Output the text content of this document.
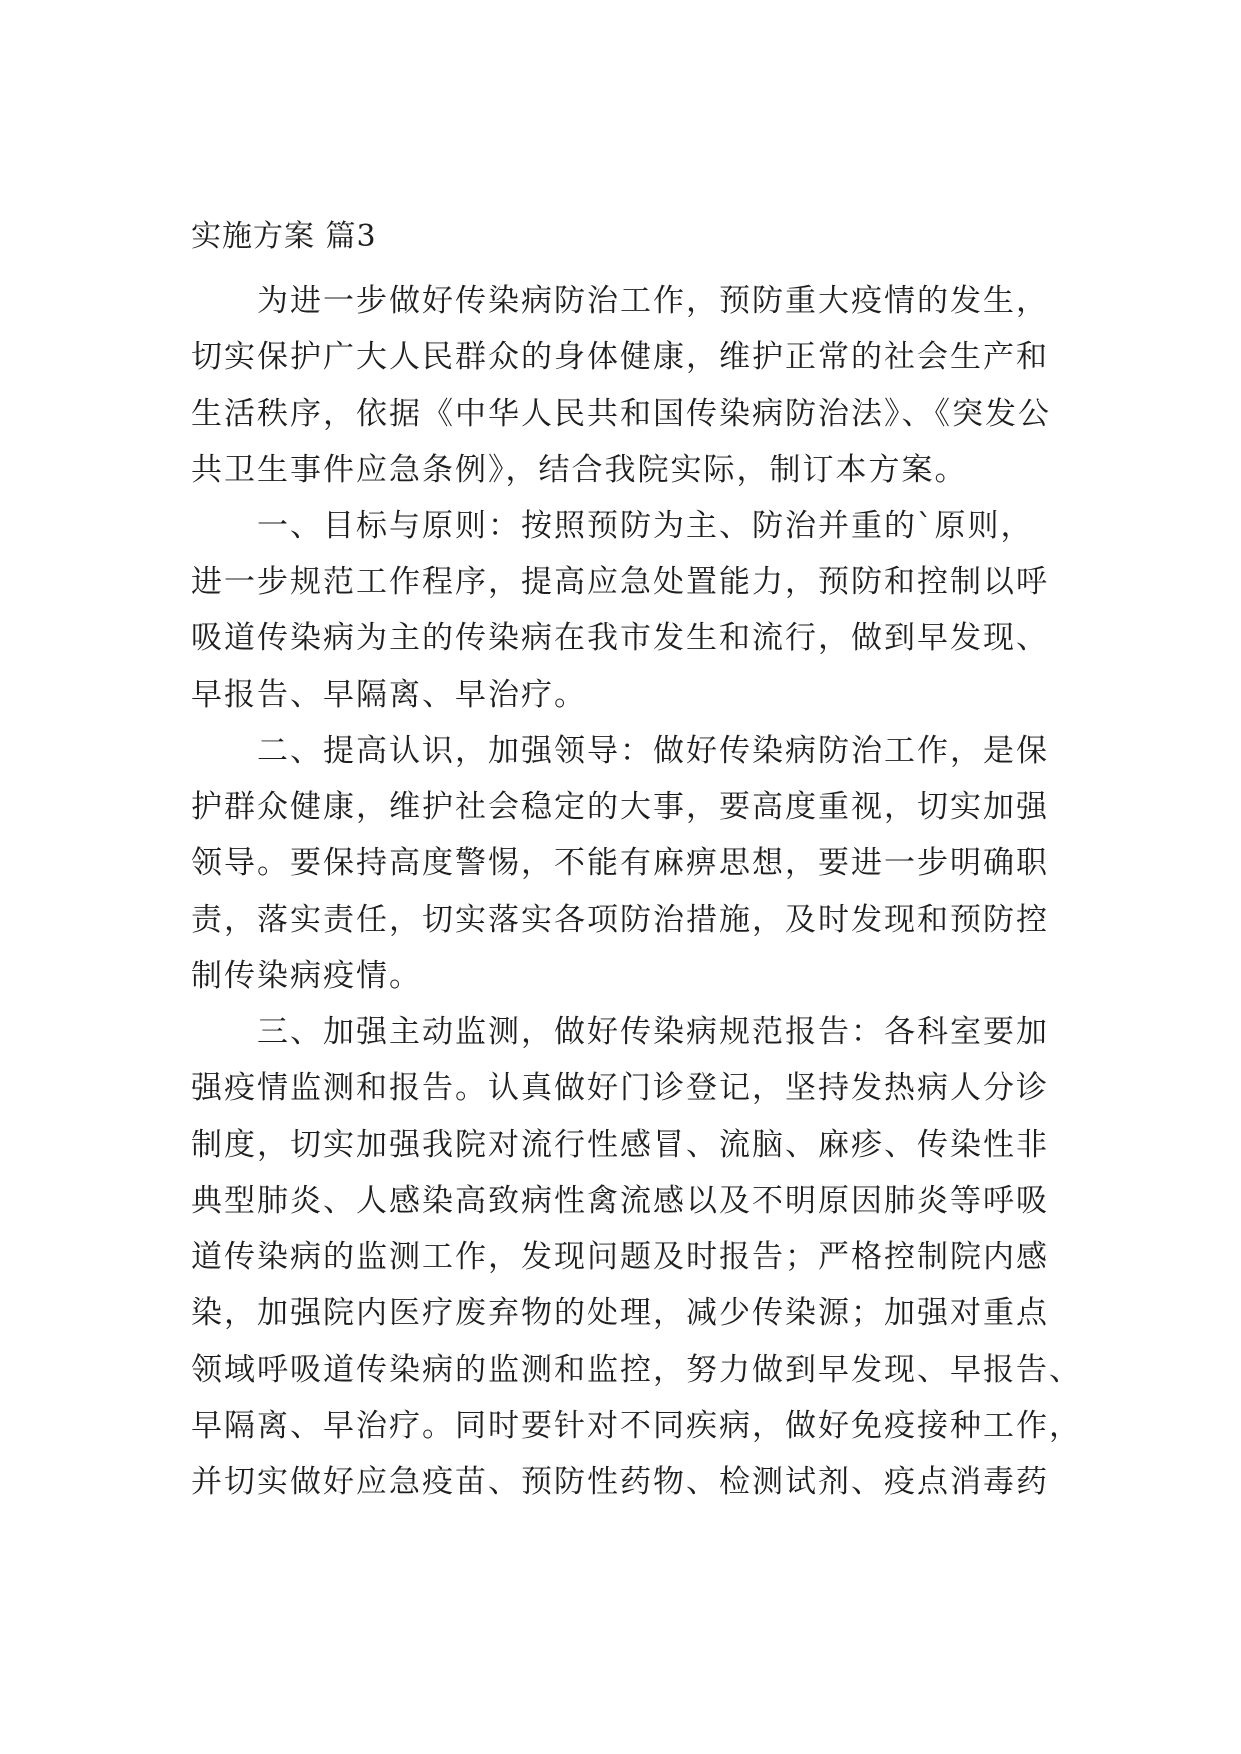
实施方案 篇3
为进一步做好传染病防治工作，预防重大疫情的发生，
切实保护广大人民群众的身体健康，维护正常的社会生产和
生活秩序，依据《中华人民共和国传染病防治法》、《突发公
共卫生事件应急条例》，结合我院实际，制订本方案。
一、目标与原则：按照预防为主、防治并重的`原则，
进一步规范工作程序，提高应急处置能力，预防和控制以呼
吸道传染病为主的传染病在我市发生和流行，做到早发现、
早报告、早隔离、早治疗。
二、提高认识，加强领导：做好传染病防治工作，是保
护群众健康，维护社会稳定的大事，要高度重视，切实加强
领导。要保持高度警惕，不能有麻痹思想，要进一步明确职
责，落实责任，切实落实各项防治措施，及时发现和预防控
制传染病疫情。
三、加强主动监测，做好传染病规范报告：各科室要加
强疫情监测和报告。认真做好门诊登记，坚持发热病人分诊
制度，切实加强我院对流行性感冒、流脑、麻疹、传染性非
典型肺炎、人感染高致病性禽流感以及不明原因肺炎等呼吸
道传染病的监测工作，发现问题及时报告；严格控制院内感
染，加强院内医疗废弃物的处理，减少传染源；加强对重点
领域呼吸道传染病的监测和监控，努力做到早发现、早报告、
早隔离、早治疗。同时要针对不同疾病，做好免疫接种工作，
并切实做好应急疫苗、预防性药物、检测试剂、疫点消毒药
